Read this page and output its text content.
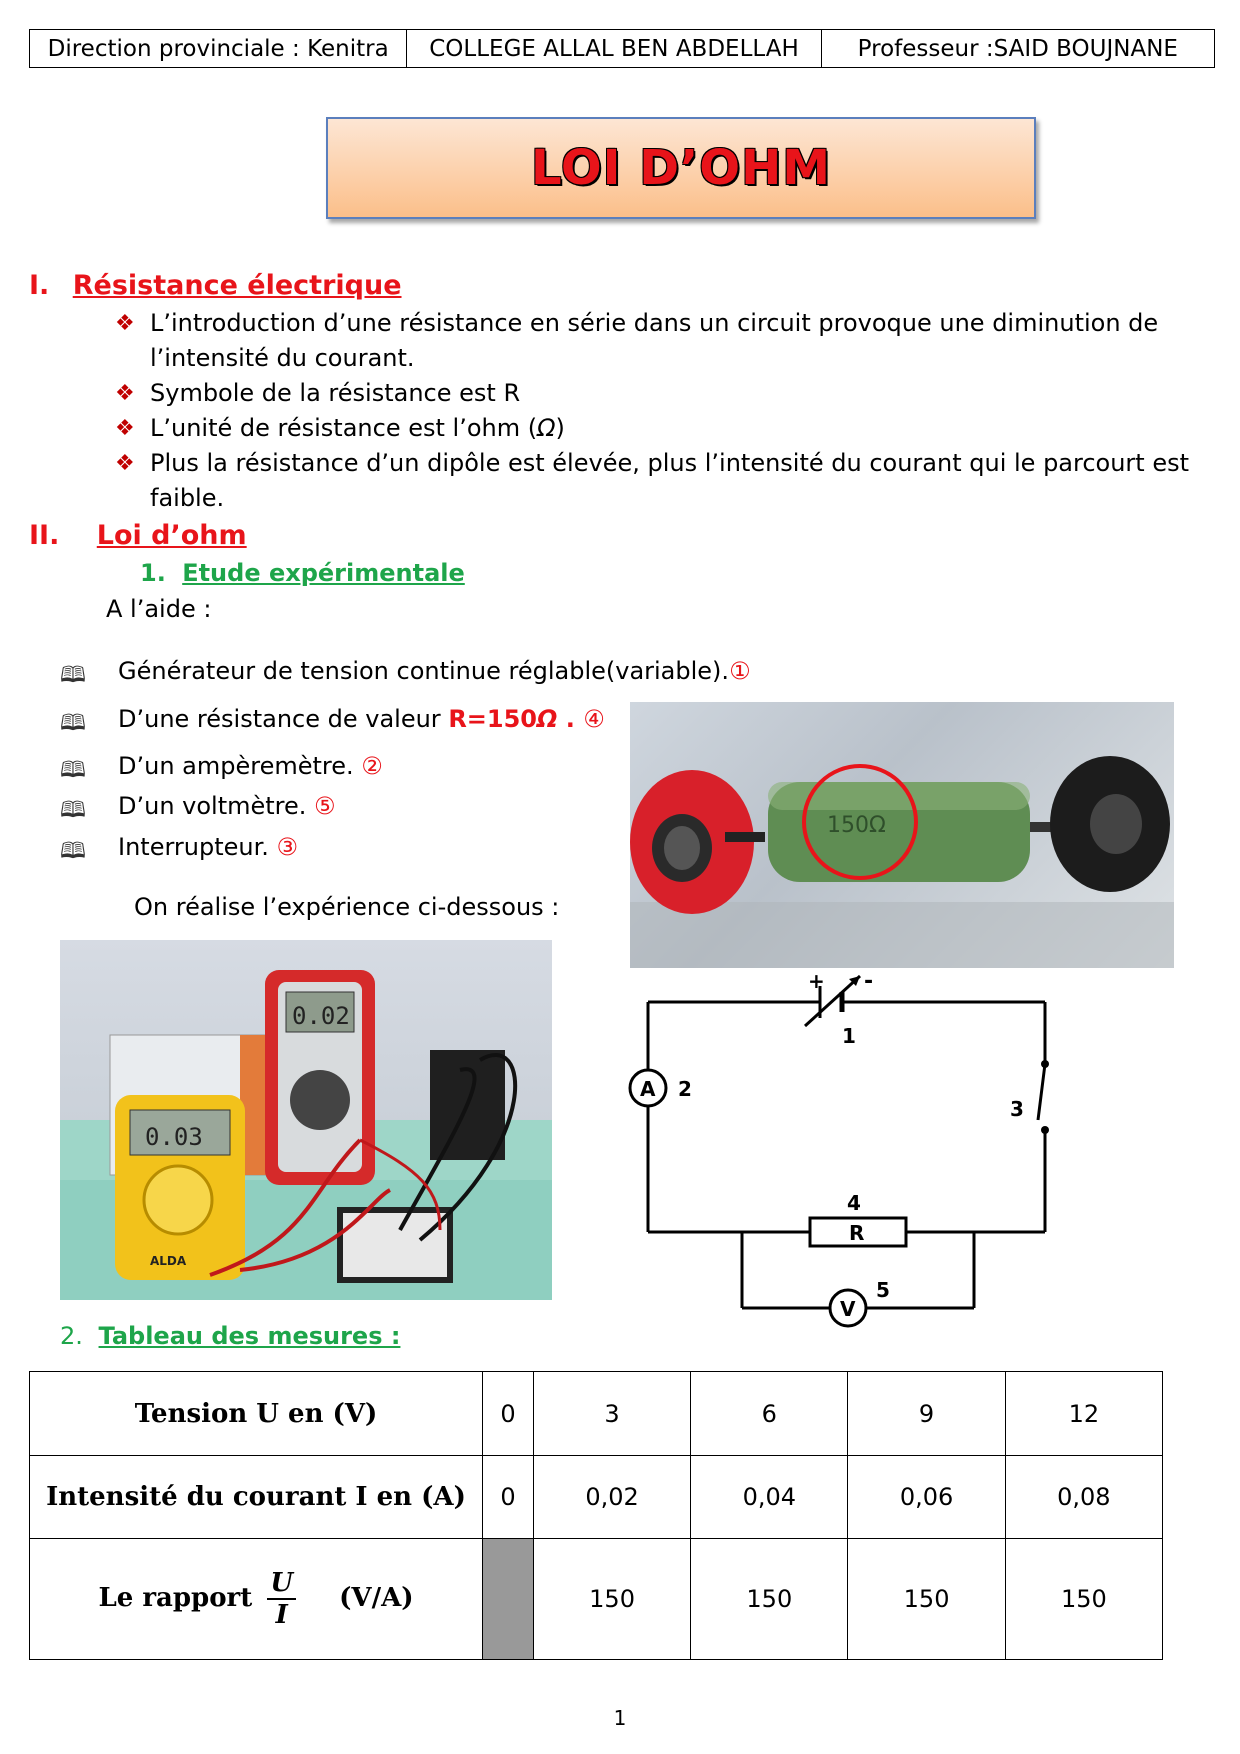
Direction provinciale : Kenitra	COLLEGE ALLAL BEN ABDELLAH	Professeur :SAID BOUJNANE
LOI D’OHM
I. Résistance électrique
❖ L’introduction d’une résistance en série dans un circuit provoque une diminution de
l’intensité du courant.
❖ Symbole de la résistance est R
❖ L’unité de résistance est l’ohm (Ω)
❖ Plus la résistance d’un dipôle est élevée, plus l’intensité du courant qui le parcourt est
faible.
II. Loi d’ohm
1. Etude expérimentale
A l’aide :
🕮 Générateur de tension continue réglable(variable).①
🕮 D’une résistance de valeur R=150Ω . ④
🕮 D’un ampèremètre. ②
🕮 D’un voltmètre. ⑤
🕮 Interrupteur. ③
On réalise l’expérience ci-dessous :
150Ω
0.03
ALDA
0.02
+ -
1
A 2
3
R
4
V
5
2. Tableau des mesures :
Tension U en (V)	0	3	6	9	12
Intensité du courant I en (A)	0	0,02	0,04	0,06	0,08
Le rapport $\frac{U}{I} (V/A)$		150	150	150	150
1
